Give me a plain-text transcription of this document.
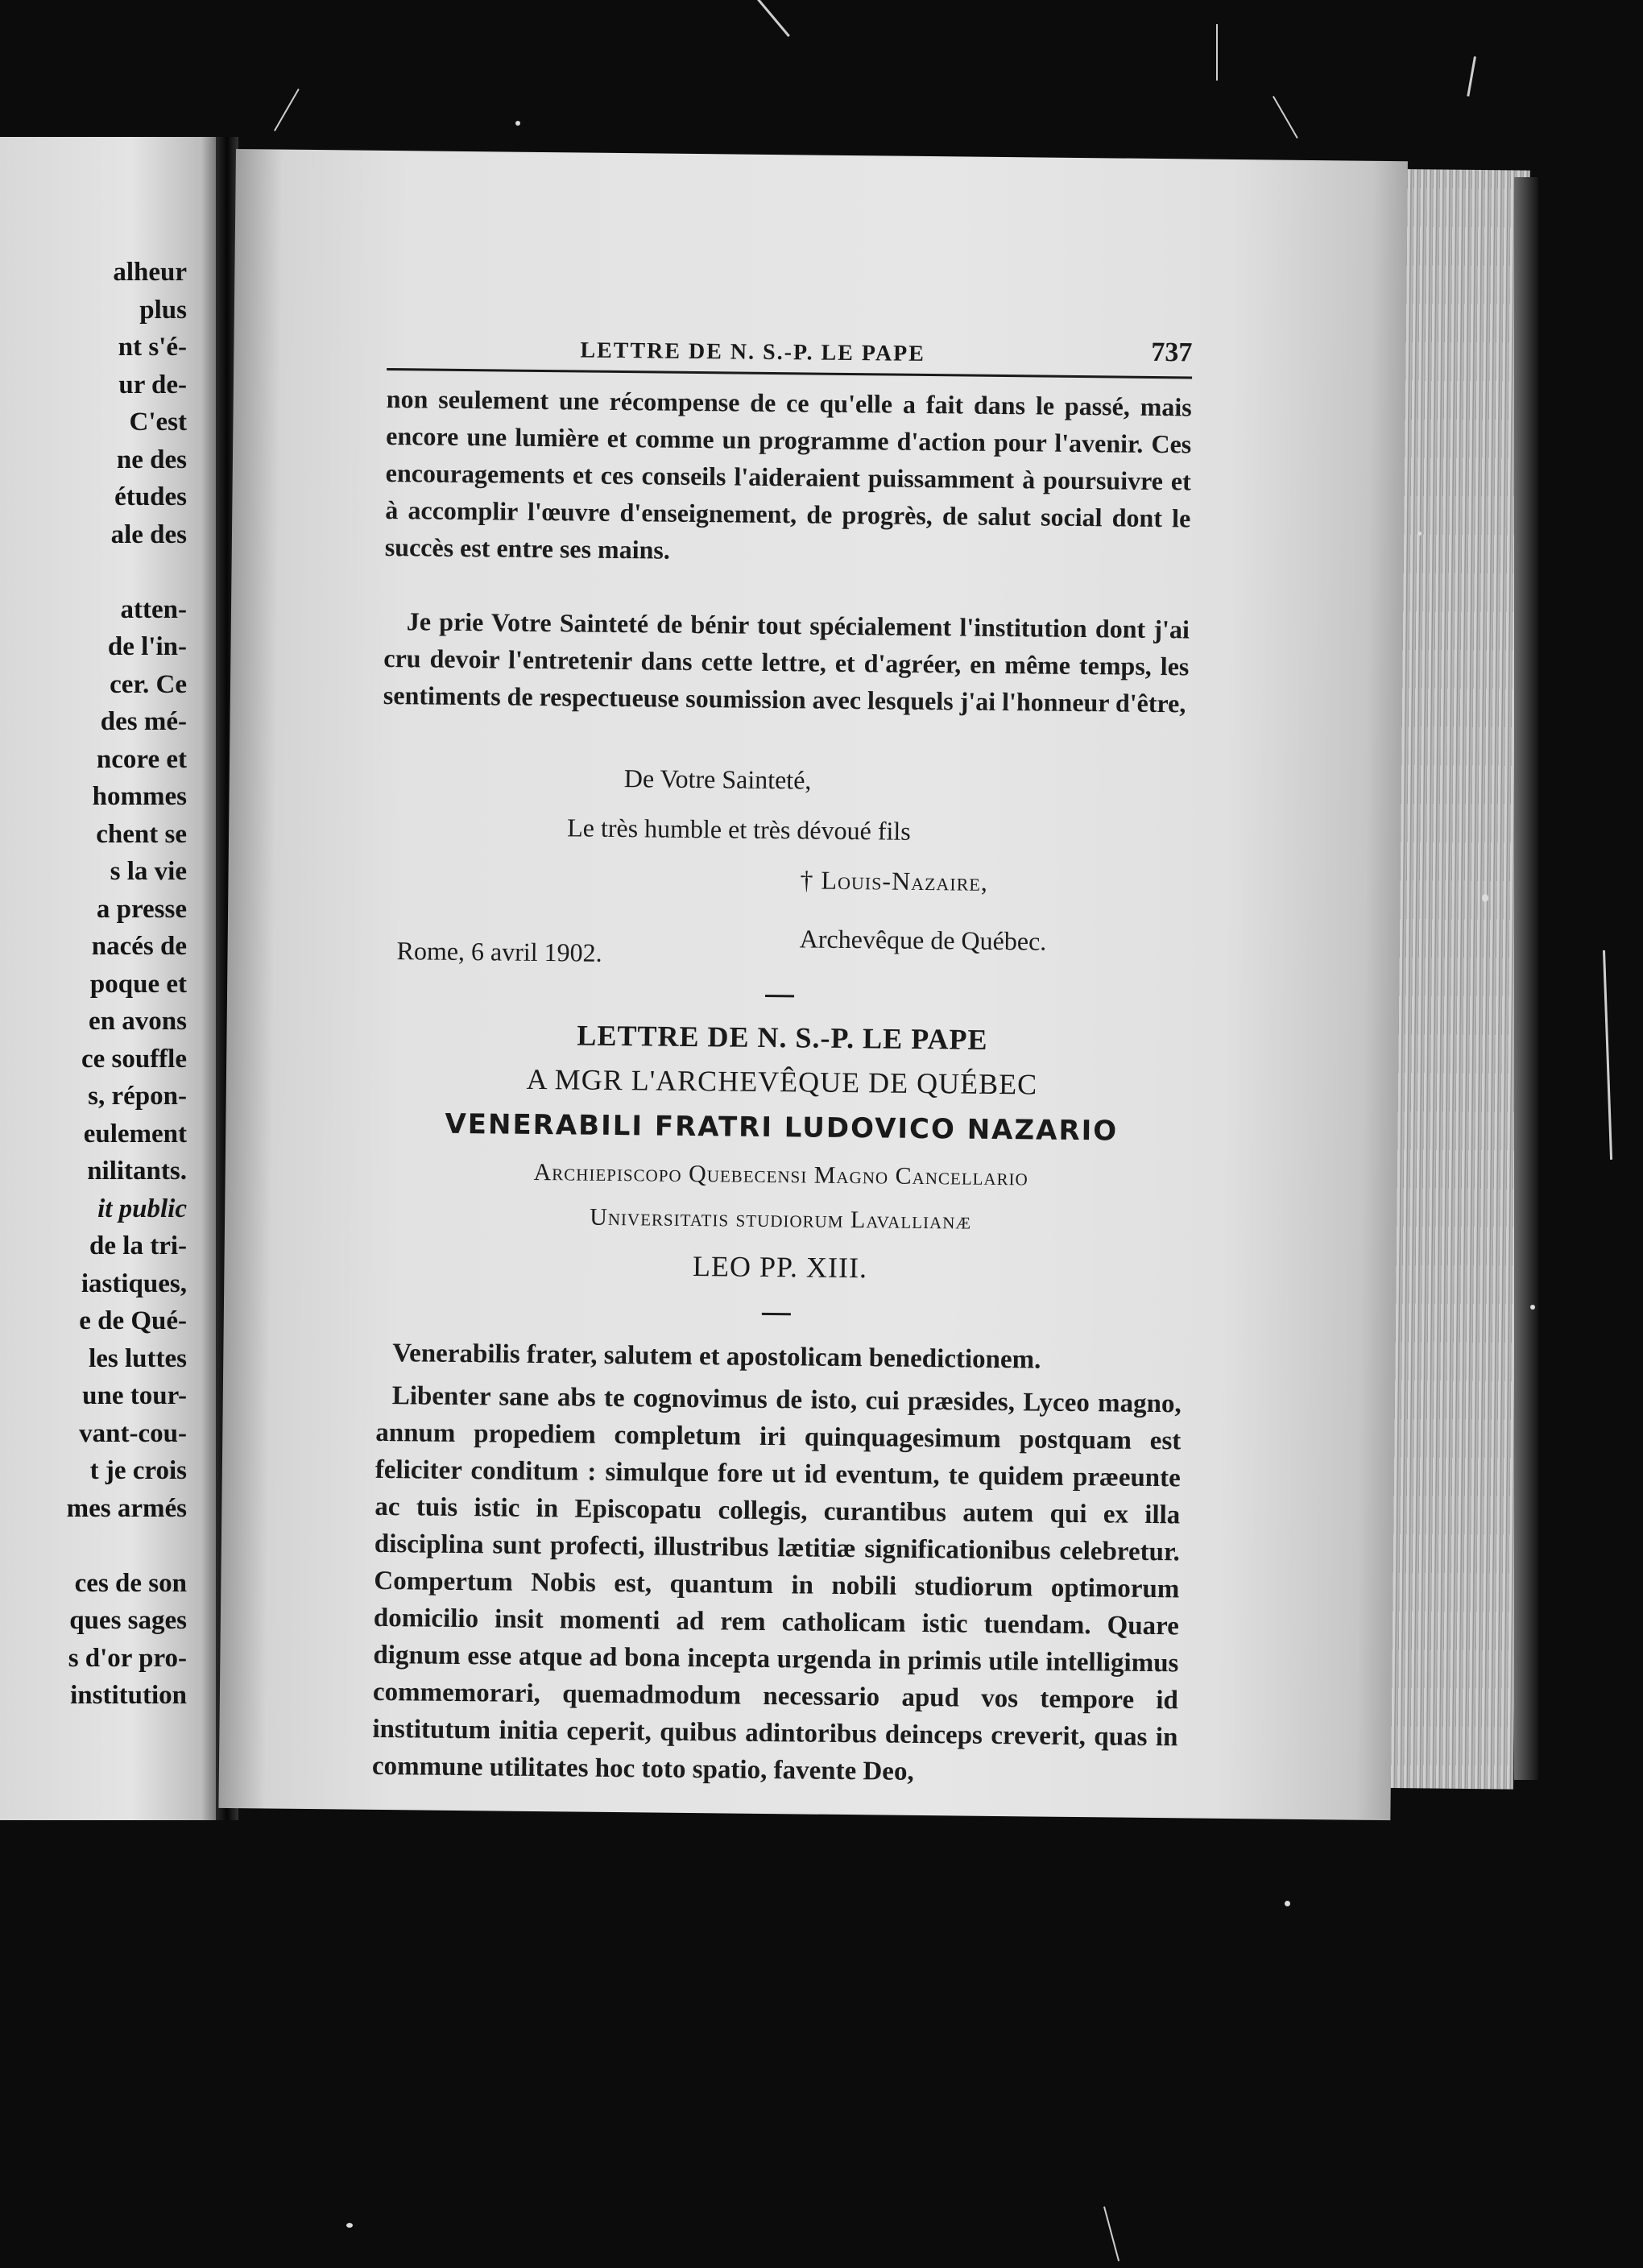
alheur
plus
nt s'é-
ur de-
C'est
ne des
études
ale des
atten-
de l'in-
cer. Ce
des mé-
ncore et
hommes
chent se
s la vie
a presse
nacés de
poque et
en avons
ce souffle
s, répon-
eulement
nilitants.
it public
de la tri-
iastiques,
e de Qué-
les luttes
une tour-
vant-cou-
t je crois
mes armés
ces de son
ques sages
s d'or pro-
institution
LETTRE DE N. S.-P. LE PAPE	737
non seulement une récompense de ce qu'elle a fait dans le passé, mais encore une lumière et comme un programme d'action pour l'avenir. Ces encouragements et ces conseils l'aideraient puissamment à poursuivre et à accomplir l'œuvre d'enseignement, de progrès, de salut social dont le succès est entre ses mains.
Je prie Votre Sainteté de bénir tout spécialement l'institution dont j'ai cru devoir l'entretenir dans cette lettre, et d'agréer, en même temps, les sentiments de respectueuse soumission avec lesquels j'ai l'honneur d'être,
De Votre Sainteté,
Le très humble et très dévoué fils
† Louis-Nazaire,
Archevêque de Québec.
Rome, 6 avril 1902.
LETTRE DE N. S.-P. LE PAPE
A MGR L'ARCHEVÊQUE DE QUÉBEC
VENERABILI FRATRI LUDOVICO NAZARIO
Archiepiscopo Quebecensi Magno Cancellario
Universitatis studiorum Lavallianæ
LEO PP. XIII.
Venerabilis frater, salutem et apostolicam benedictionem.
Libenter sane abs te cognovimus de isto, cui præsides, Lyceo magno, annum propediem completum iri quinquagesimum postquam est feliciter conditum : simulque fore ut id eventum, te quidem præeunte ac tuis istic in Episcopatu collegis, curantibus autem qui ex illa disciplina sunt profecti, illustribus lætitiæ significationibus celebretur. Compertum Nobis est, quantum in nobili studiorum optimorum domicilio insit momenti ad rem catholicam istic tuendam. Quare dignum esse atque ad bona incepta urgenda in primis utile intelligimus commemorari, quemadmodum necessario apud vos tempore id institutum initia ceperit, quibus adintoribus deinceps creverit, quas in commune utilitates hoc toto spatio, favente Deo,
